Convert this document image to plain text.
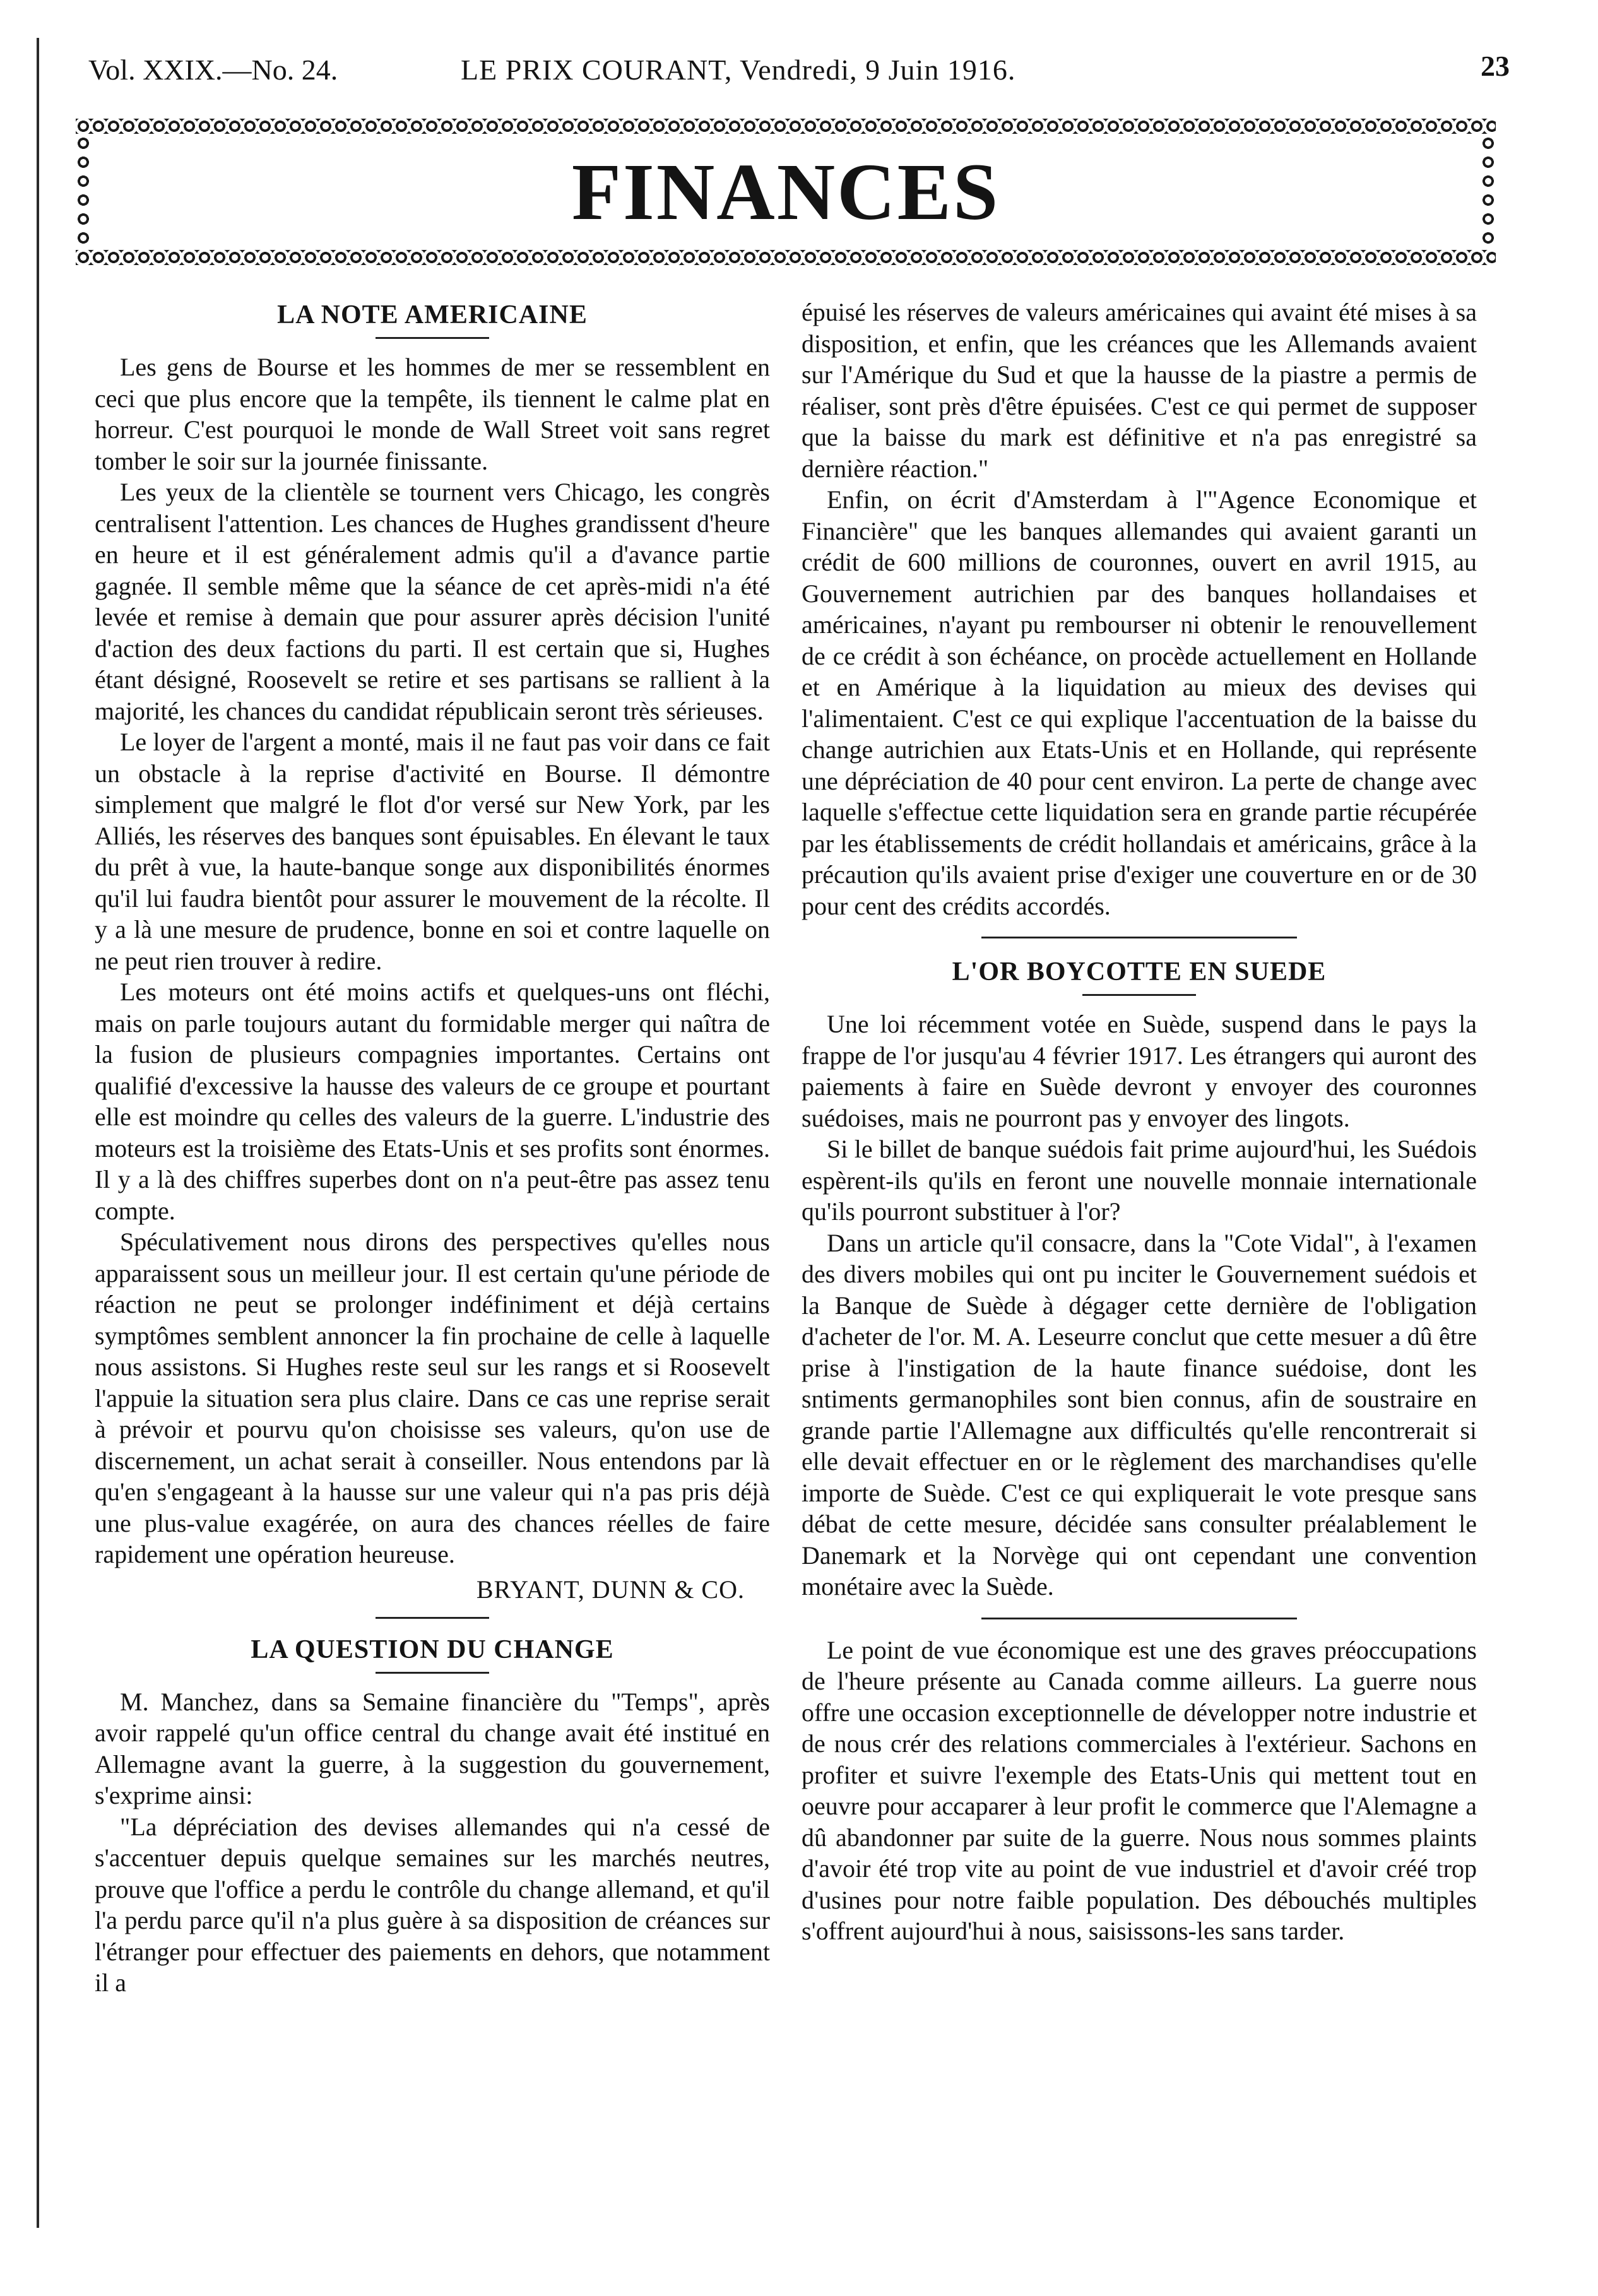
Vol. XXIX.—No. 24.	LE PRIX COURANT, Vendredi, 9 Juin 1916.	23
FINANCES
LA NOTE AMERICAINE

Les gens de Bourse et les hommes de mer se ressemblent en ceci que plus encore que la tempête, ils tiennent le calme plat en horreur. C'est pourquoi le monde de Wall Street voit sans regret tomber le soir sur la journée finissante.

Les yeux de la clientèle se tournent vers Chicago, les congrès centralisent l'attention. Les chances de Hughes grandissent d'heure en heure et il est généralement admis qu'il a d'avance partie gagnée. Il semble même que la séance de cet après-midi n'a été levée et remise à demain que pour assurer après décision l'unité d'action des deux factions du parti. Il est certain que si, Hughes étant désigné, Roosevelt se retire et ses partisans se rallient à la majorité, les chances du candidat républicain seront très sérieuses.

Le loyer de l'argent a monté, mais il ne faut pas voir dans ce fait un obstacle à la reprise d'activité en Bourse. Il démontre simplement que malgré le flot d'or versé sur New York, par les Alliés, les réserves des banques sont épuisables. En élevant le taux du prêt à vue, la haute-banque songe aux disponibilités énormes qu'il lui faudra bientôt pour assurer le mouvement de la récolte. Il y a là une mesure de prudence, bonne en soi et contre laquelle on ne peut rien trouver à redire.

Les moteurs ont été moins actifs et quelques-uns ont fléchi, mais on parle toujours autant du formidable merger qui naîtra de la fusion de plusieurs compagnies importantes. Certains ont qualifié d'excessive la hausse des valeurs de ce groupe et pourtant elle est moindre qu celles des valeurs de la guerre. L'industrie des moteurs est la troisième des Etats-Unis et ses profits sont énormes. Il y a là des chiffres superbes dont on n'a peut-être pas assez tenu compte.

Spéculativement nous dirons des perspectives qu'elles nous apparaissent sous un meilleur jour. Il est certain qu'une période de réaction ne peut se prolonger indéfiniment et déjà certains symptômes semblent annoncer la fin prochaine de celle à laquelle nous assistons. Si Hughes reste seul sur les rangs et si Roosevelt l'appuie la situation sera plus claire. Dans ce cas une reprise serait à prévoir et pourvu qu'on choisisse ses valeurs, qu'on use de discernement, un achat serait à conseiller. Nous entendons par là qu'en s'engageant à la hausse sur une valeur qui n'a pas pris déjà une plus-value exagérée, on aura des chances réelles de faire rapidement une opération heureuse.

BRYANT, DUNN & CO.
LA QUESTION DU CHANGE

M. Manchez, dans sa Semaine financière du "Temps", après avoir rappelé qu'un office central du change avait été institué en Allemagne avant la guerre, à la suggestion du gouvernement, s'exprime ainsi:

"La dépréciation des devises allemandes qui n'a cessé de s'accentuer depuis quelque semaines sur les marchés neutres, prouve que l'office a perdu le contrôle du change allemand, et qu'il l'a perdu parce qu'il n'a plus guère à sa disposition de créances sur l'étranger pour effectuer des paiements en dehors, que notamment il a

épuisé les réserves de valeurs américaines qui avaint été mises à sa disposition, et enfin, que les créances que les Allemands avaient sur l'Amérique du Sud et que la hausse de la piastre a permis de réaliser, sont près d'être épuisées. C'est ce qui permet de supposer que la baisse du mark est définitive et n'a pas enregistré sa dernière réaction."

Enfin, on écrit d'Amsterdam à l'"Agence Economique et Financière" que les banques allemandes qui avaient garanti un crédit de 600 millions de couronnes, ouvert en avril 1915, au Gouvernement autrichien par des banques hollandaises et américaines, n'ayant pu rembourser ni obtenir le renouvellement de ce crédit à son échéance, on procède actuellement en Hollande et en Amérique à la liquidation au mieux des devises qui l'alimentaient. C'est ce qui explique l'accentuation de la baisse du change autrichien aux Etats-Unis et en Hollande, qui représente une dépréciation de 40 pour cent environ. La perte de change avec laquelle s'effectue cette liquidation sera en grande partie récupérée par les établissements de crédit hollandais et américains, grâce à la précaution qu'ils avaient prise d'exiger une couverture en or de 30 pour cent des crédits accordés.

L'OR BOYCOTTE EN SUEDE

Une loi récemment votée en Suède, suspend dans le pays la frappe de l'or jusqu'au 4 février 1917. Les étrangers qui auront des paiements à faire en Suède devront y envoyer des couronnes suédoises, mais ne pourront pas y envoyer des lingots.

Si le billet de banque suédois fait prime aujourd'hui, les Suédois espèrent-ils qu'ils en feront une nouvelle monnaie internationale qu'ils pourront substituer à l'or?

Dans un article qu'il consacre, dans la "Cote Vidal", à l'examen des divers mobiles qui ont pu inciter le Gouvernement suédois et la Banque de Suède à dégager cette dernière de l'obligation d'acheter de l'or. M. A. Leseurre conclut que cette mesuer a dû être prise à l'instigation de la haute finance suédoise, dont les sntiments germanophiles sont bien connus, afin de soustraire en grande partie l'Allemagne aux difficultés qu'elle rencontrerait si elle devait effectuer en or le règlement des marchandises qu'elle importe de Suède. C'est ce qui expliquerait le vote presque sans débat de cette mesure, décidée sans consulter préalablement le Danemark et la Norvège qui ont cependant une convention monétaire avec la Suède.

Le point de vue économique est une des graves préoccupations de l'heure présente au Canada comme ailleurs. La guerre nous offre une occasion exceptionnelle de développer notre industrie et de nous crér des relations commerciales à l'extérieur. Sachons en profiter et suivre l'exemple des Etats-Unis qui mettent tout en oeuvre pour accaparer à leur profit le commerce que l'Alemagne a dû abandonner par suite de la guerre. Nous nous sommes plaints d'avoir été trop vite au point de vue industriel et d'avoir créé trop d'usines pour notre faible population. Des débouchés multiples s'offrent aujourd'hui à nous, saisissons-les sans tarder.
